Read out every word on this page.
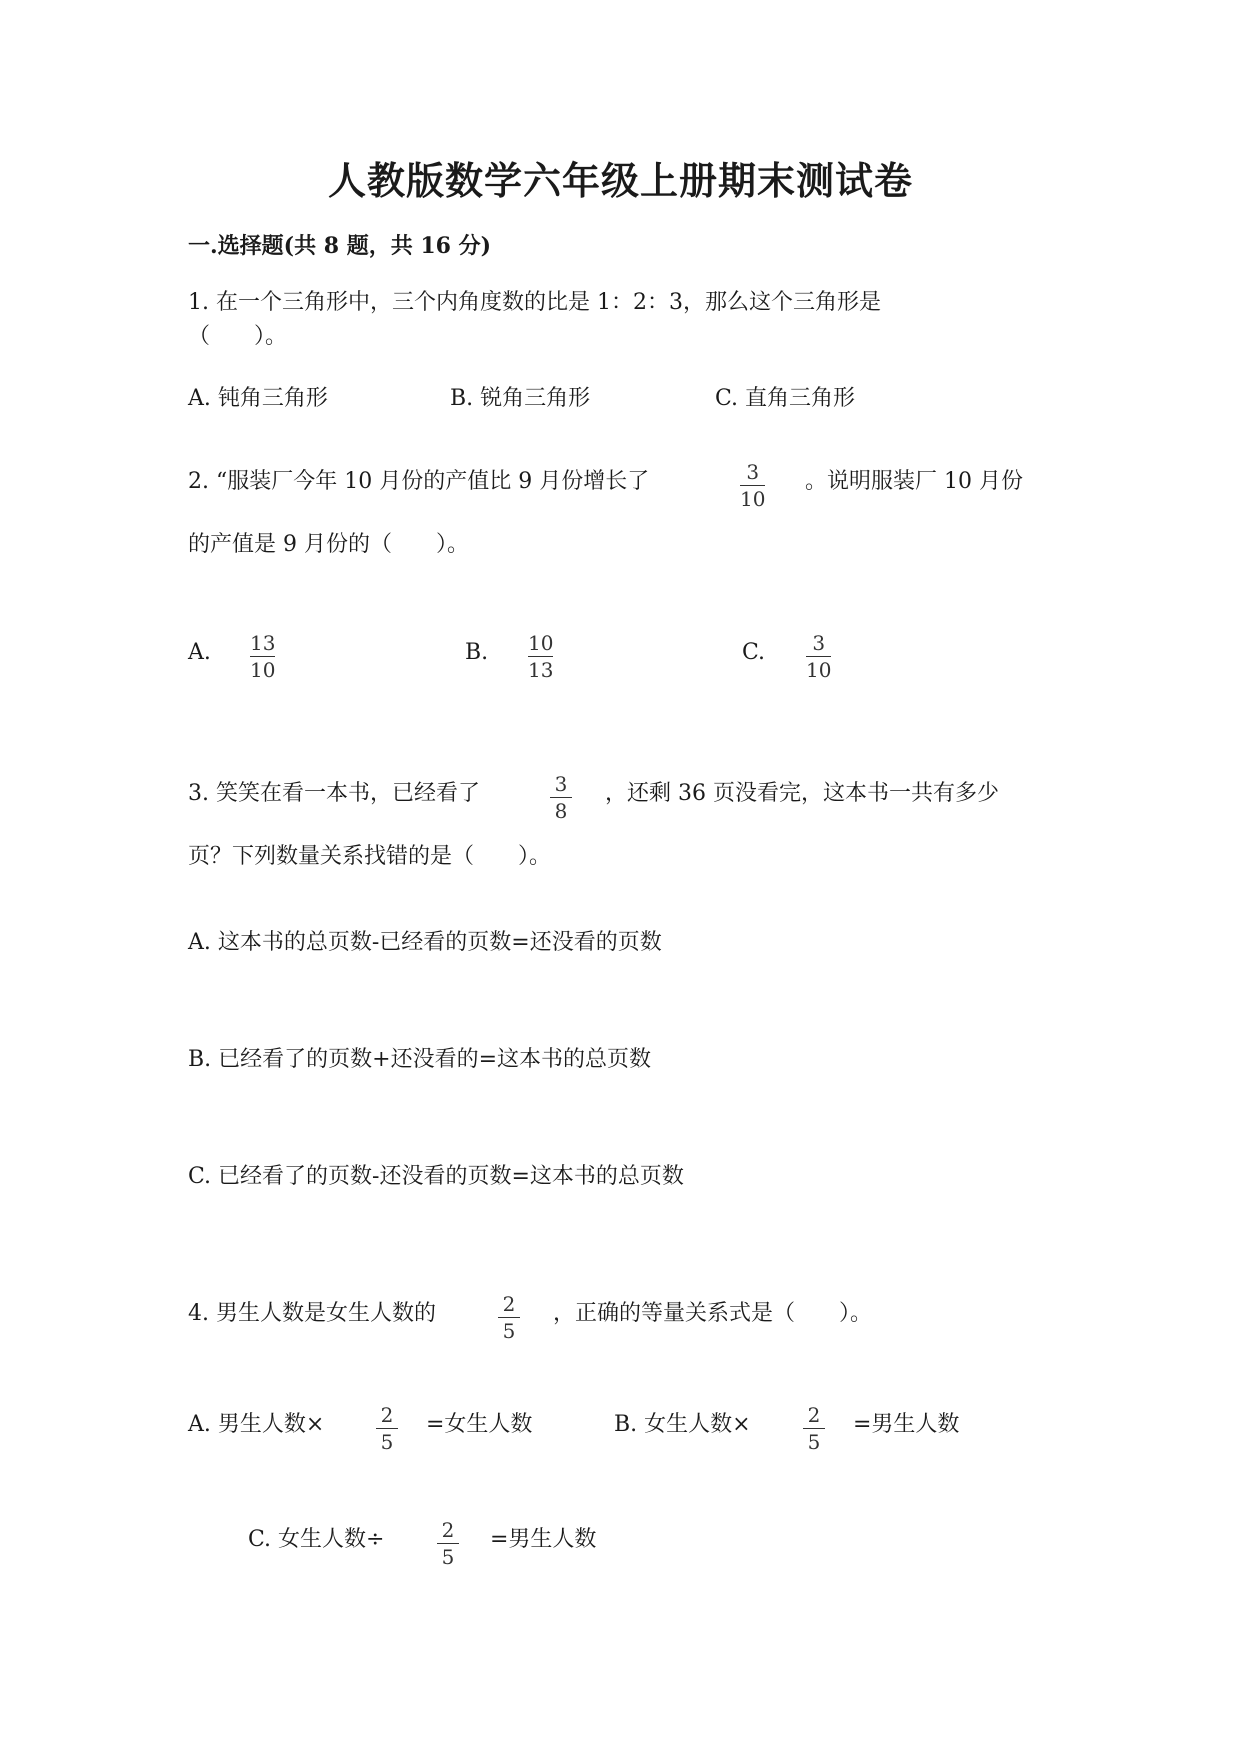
人教版数学六年级上册期末测试卷
一.选择题(共 8 题，共 16 分)
1. 在一个三角形中，三个内角度数的比是 1：2：3，那么这个三角形是
（　　）。
A. 钝角三角形	B. 锐角三角形	C. 直角三角形
2. “服装厂今年 10 月份的产值比 9 月份增长了	3
10
。说明服装厂 10 月份
的产值是 9 月份的（　　）。
A. 13
10
B. 10
13
C. 3
10
3. 笑笑在看一本书，已经看了	3
8
，还剩 36 页没看完，这本书一共有多少
页？下列数量关系找错的是（　　）。
A. 这本书的总页数-已经看的页数=还没看的页数
B. 已经看了的页数+还没看的=这本书的总页数
C. 已经看了的页数-还没看的页数=这本书的总页数
4. 男生人数是女生人数的	2
5
，正确的等量关系式是（　　）。
A. 男生人数×	2
5
=女生人数	B. 女生人数×	2
5
=男生人数
C. 女生人数÷	2
5
=男生人数
